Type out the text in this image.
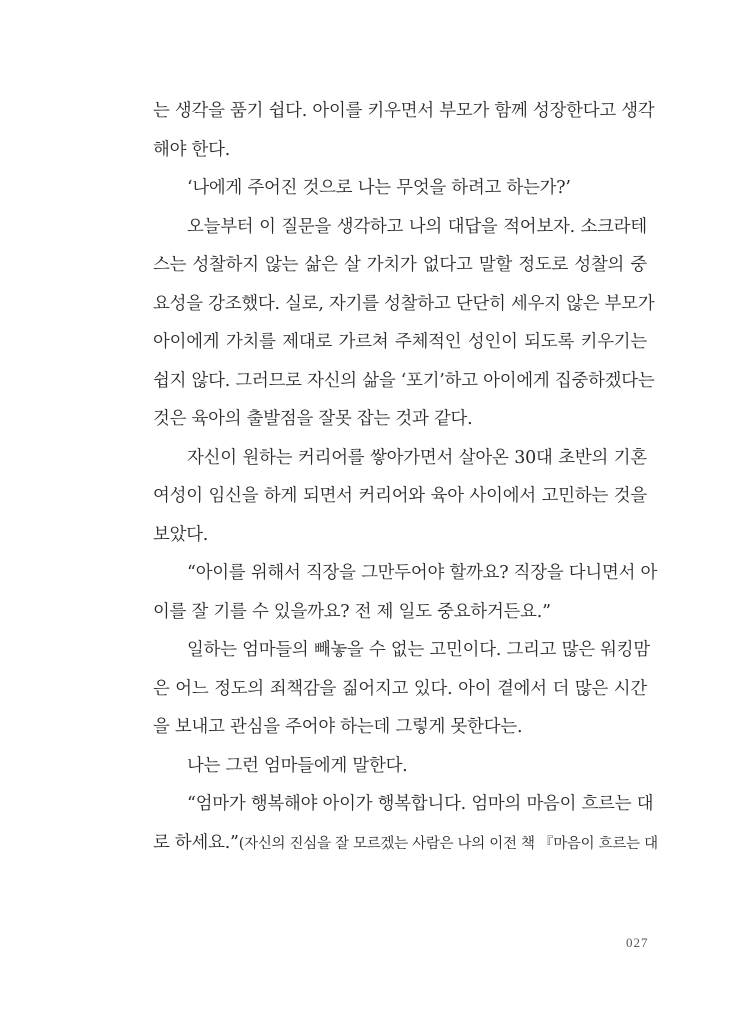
는 생각을 품기 쉽다. 아이를 키우면서 부모가 함께 성장한다고 생각
해야 한다.
‘나에게 주어진 것으로 나는 무엇을 하려고 하는가?’
오늘부터 이 질문을 생각하고 나의 대답을 적어보자. 소크라테
스는 성찰하지 않는 삶은 살 가치가 없다고 말할 정도로 성찰의 중
요성을 강조했다. 실로, 자기를 성찰하고 단단히 세우지 않은 부모가
아이에게 가치를 제대로 가르쳐 주체적인 성인이 되도록 키우기는
쉽지 않다. 그러므로 자신의 삶을 ‘포기’하고 아이에게 집중하겠다는
것은 육아의 출발점을 잘못 잡는 것과 같다.
자신이 원하는 커리어를 쌓아가면서 살아온 30대 초반의 기혼
여성이 임신을 하게 되면서 커리어와 육아 사이에서 고민하는 것을
보았다.
“아이를 위해서 직장을 그만두어야 할까요? 직장을 다니면서 아
이를 잘 기를 수 있을까요? 전 제 일도 중요하거든요.”
일하는 엄마들의 빼놓을 수 없는 고민이다. 그리고 많은 워킹맘
은 어느 정도의 죄책감을 짊어지고 있다. 아이 곁에서 더 많은 시간
을 보내고 관심을 주어야 하는데 그렇게 못한다는.
나는 그런 엄마들에게 말한다.
“엄마가 행복해야 아이가 행복합니다. 엄마의 마음이 흐르는 대
로 하세요.”(자신의 진심을 잘 모르겠는 사람은 나의 이전 책 『마음이 흐르는 대
027
